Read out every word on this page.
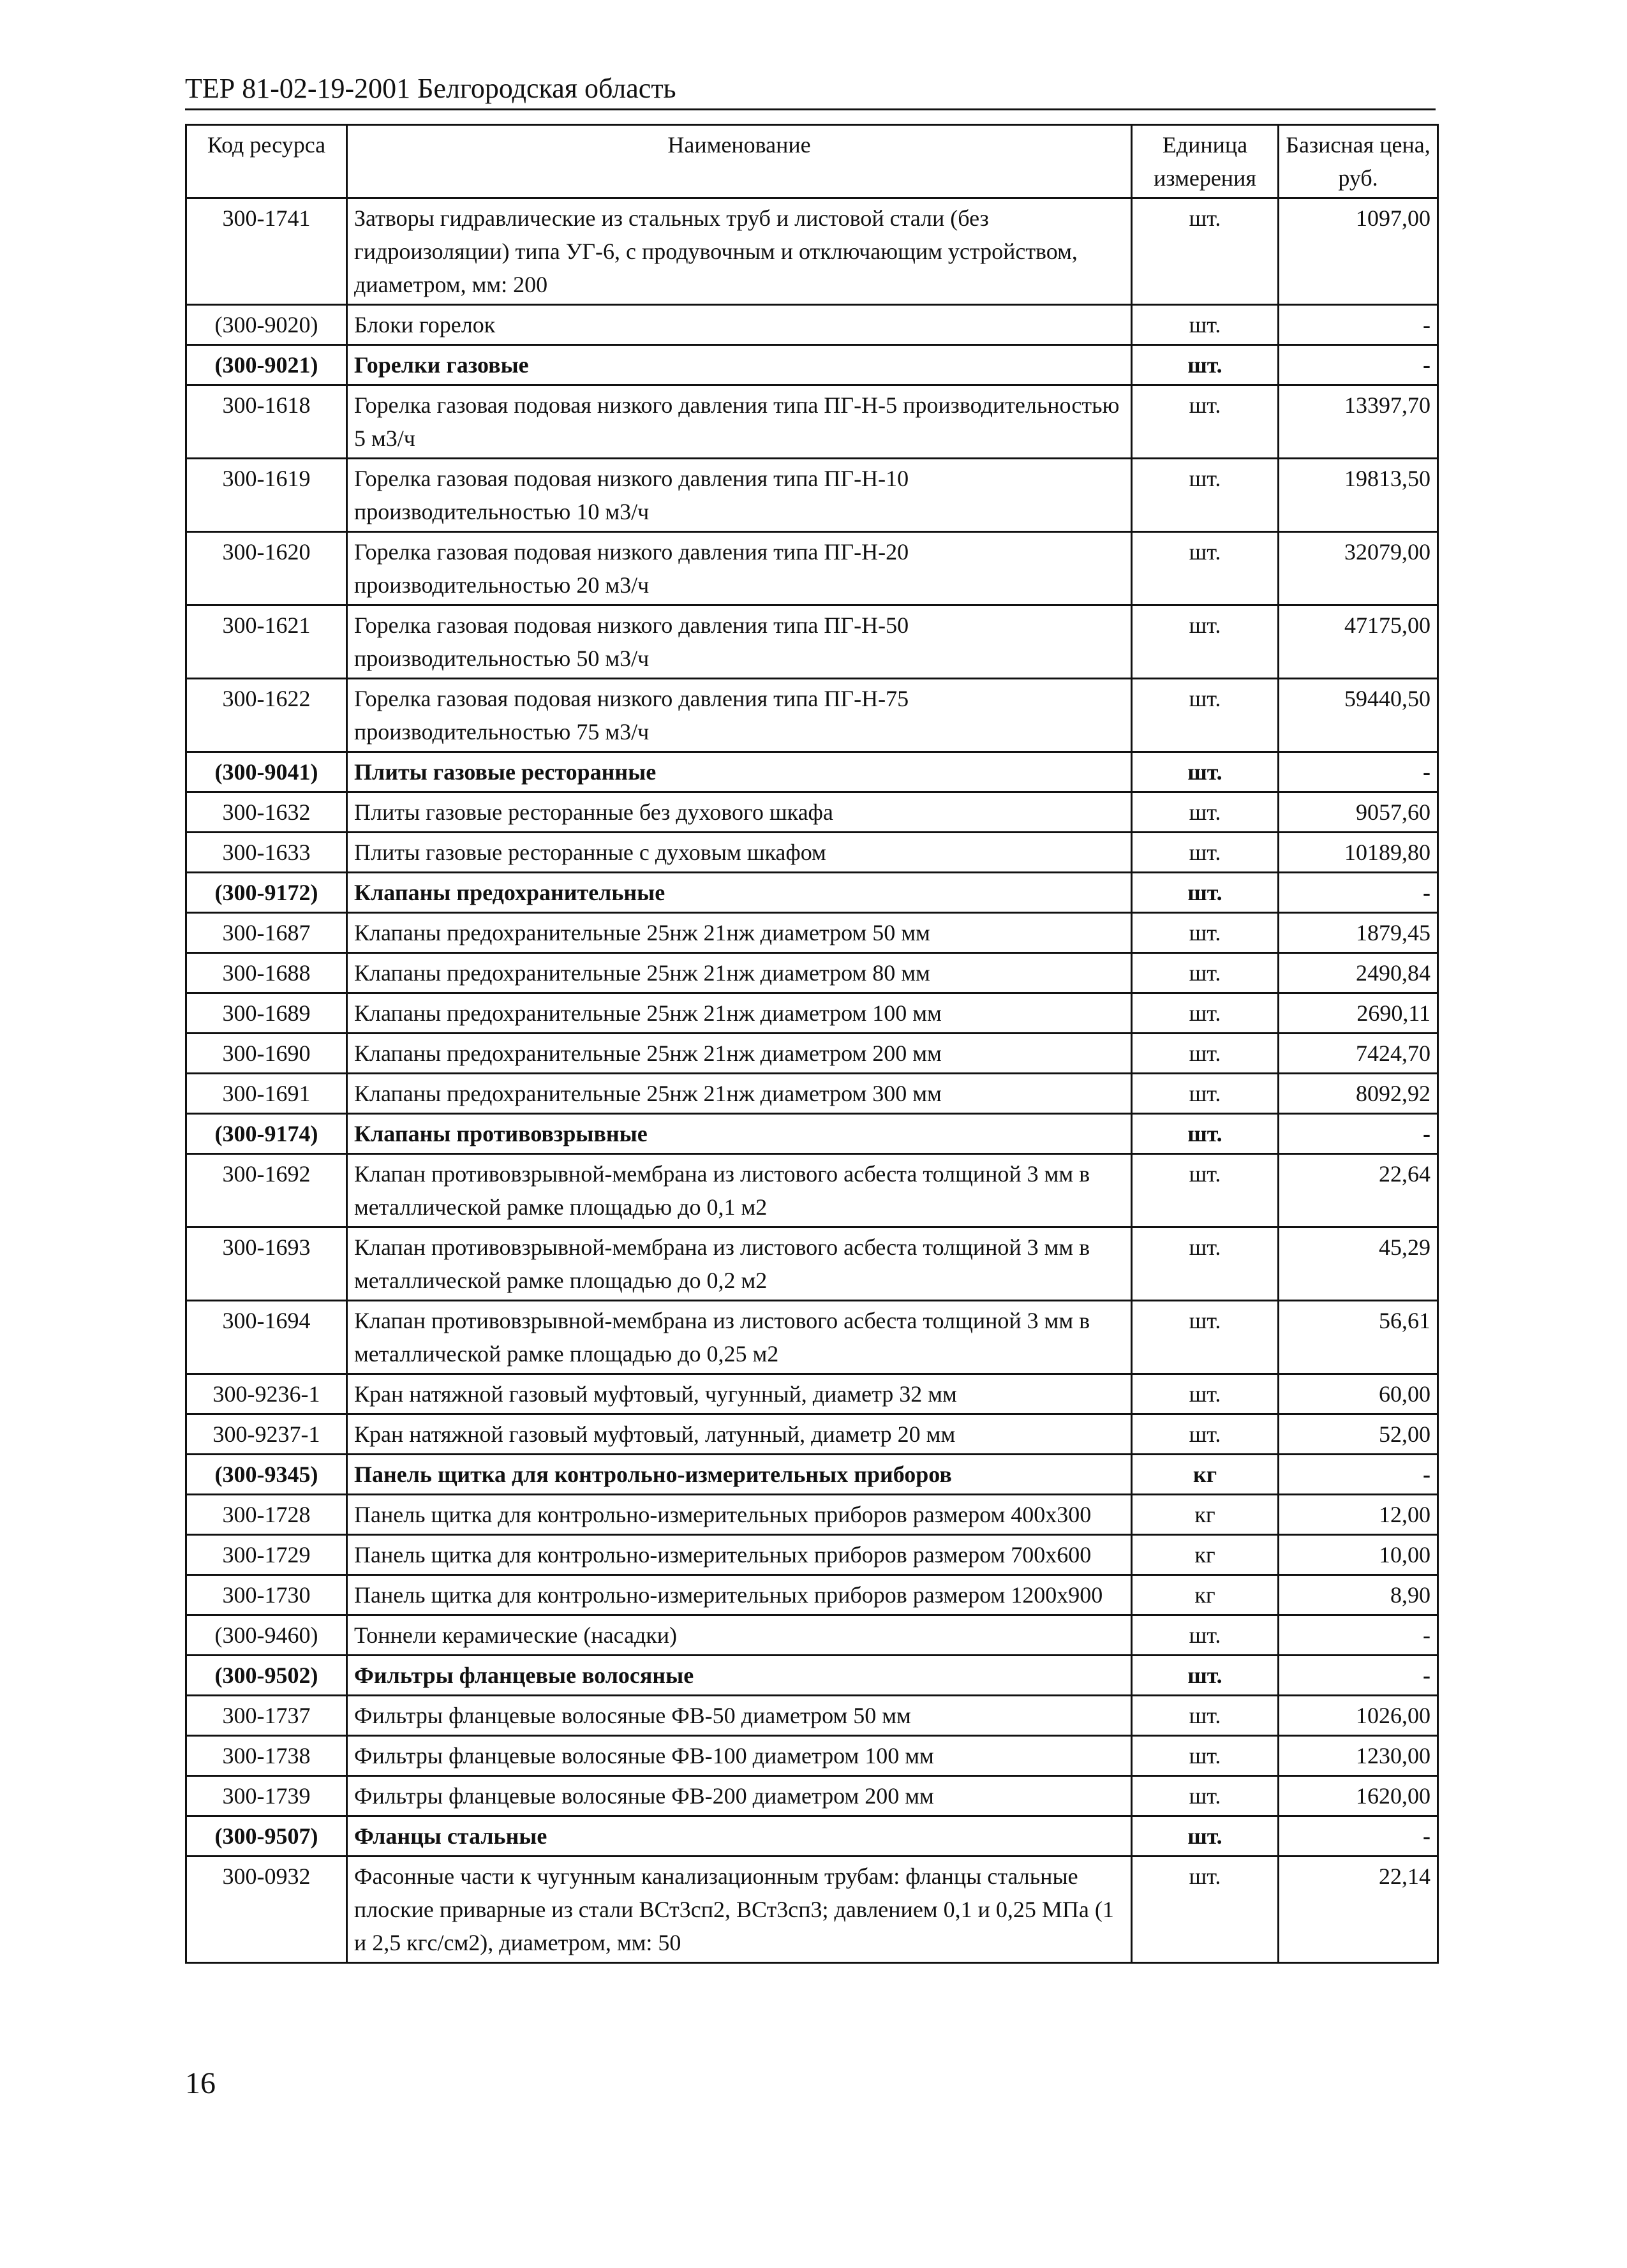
ТЕР 81-02-19-2001 Белгородская область
Код ресурса	Наименование	Единица измерения	Базисная цена, руб.
300-1741	Затворы гидравлические из стальных труб и листовой стали (без гидроизоляции) типа УГ-6, с продувочным и отключающим устройством, диаметром, мм: 200	шт.	1097,00
(300-9020)	Блоки горелок	шт.	-
(300-9021)	Горелки газовые	шт.	-
300-1618	Горелка газовая подовая низкого давления типа ПГ-Н-5 производительностью 5 м3/ч	шт.	13397,70
300-1619	Горелка газовая подовая низкого давления типа ПГ-Н-10 производительностью 10 м3/ч	шт.	19813,50
300-1620	Горелка газовая подовая низкого давления типа ПГ-Н-20 производительностью 20 м3/ч	шт.	32079,00
300-1621	Горелка газовая подовая низкого давления типа ПГ-Н-50 производительностью 50 м3/ч	шт.	47175,00
300-1622	Горелка газовая подовая низкого давления типа ПГ-Н-75 производительностью 75 м3/ч	шт.	59440,50
(300-9041)	Плиты газовые ресторанные	шт.	-
300-1632	Плиты газовые ресторанные без духового шкафа	шт.	9057,60
300-1633	Плиты газовые ресторанные с духовым шкафом	шт.	10189,80
(300-9172)	Клапаны предохранительные	шт.	-
300-1687	Клапаны предохранительные 25нж 21нж диаметром 50 мм	шт.	1879,45
300-1688	Клапаны предохранительные 25нж 21нж диаметром 80 мм	шт.	2490,84
300-1689	Клапаны предохранительные 25нж 21нж диаметром 100 мм	шт.	2690,11
300-1690	Клапаны предохранительные 25нж 21нж диаметром 200 мм	шт.	7424,70
300-1691	Клапаны предохранительные 25нж 21нж диаметром 300 мм	шт.	8092,92
(300-9174)	Клапаны противовзрывные	шт.	-
300-1692	Клапан противовзрывной-мембрана из листового асбеста толщиной 3 мм в металлической рамке площадью до 0,1 м2	шт.	22,64
300-1693	Клапан противовзрывной-мембрана из листового асбеста толщиной 3 мм в металлической рамке площадью до 0,2 м2	шт.	45,29
300-1694	Клапан противовзрывной-мембрана из листового асбеста толщиной 3 мм в металлической рамке площадью до 0,25 м2	шт.	56,61
300-9236-1	Кран натяжной газовый муфтовый, чугунный, диаметр 32 мм	шт.	60,00
300-9237-1	Кран натяжной газовый муфтовый, латунный, диаметр 20 мм	шт.	52,00
(300-9345)	Панель щитка для контрольно-измерительных приборов	кг	-
300-1728	Панель щитка для контрольно-измерительных приборов размером 400х300	кг	12,00
300-1729	Панель щитка для контрольно-измерительных приборов размером 700х600	кг	10,00
300-1730	Панель щитка для контрольно-измерительных приборов размером 1200х900	кг	8,90
(300-9460)	Тоннели керамические (насадки)	шт.	-
(300-9502)	Фильтры фланцевые волосяные	шт.	-
300-1737	Фильтры фланцевые волосяные ФВ-50 диаметром 50 мм	шт.	1026,00
300-1738	Фильтры фланцевые волосяные ФВ-100 диаметром 100 мм	шт.	1230,00
300-1739	Фильтры фланцевые волосяные ФВ-200 диаметром 200 мм	шт.	1620,00
(300-9507)	Фланцы стальные	шт.	-
300-0932	Фасонные части к чугунным канализационным трубам: фланцы стальные плоские приварные из стали ВСт3сп2, ВСт3сп3; давлением 0,1 и 0,25 МПа (1 и 2,5 кгс/см2), диаметром, мм: 50	шт.	22,14
16
